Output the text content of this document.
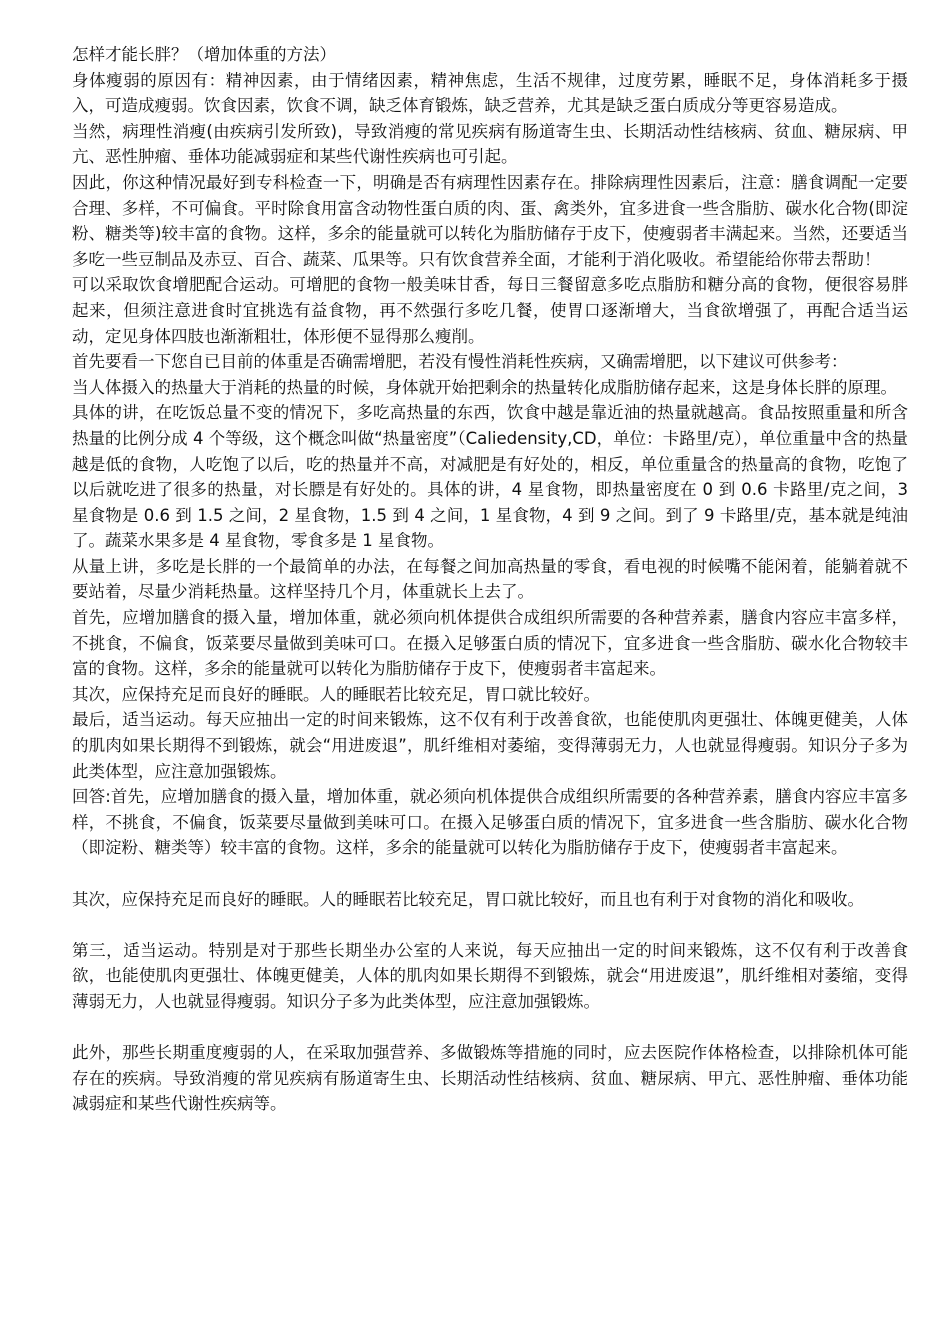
怎样才能长胖？（增加体重的方法）

身体瘦弱的原因有：精神因素，由于情绪因素，精神焦虑，生活不规律，过度劳累，睡眠不足，身体消耗多于摄入，可造成瘦弱。饮食因素，饮食不调，缺乏体育锻炼，缺乏营养，尤其是缺乏蛋白质成分等更容易造成。

当然，病理性消瘦(由疾病引发所致)，导致消瘦的常见疾病有肠道寄生虫、长期活动性结核病、贫血、糖尿病、甲亢、恶性肿瘤、垂体功能减弱症和某些代谢性疾病也可引起。

因此，你这种情况最好到专科检查一下，明确是否有病理性因素存在。排除病理性因素后，注意：膳食调配一定要合理、多样，不可偏食。平时除食用富含动物性蛋白质的肉、蛋、禽类外，宜多进食一些含脂肪、碳水化合物(即淀粉、糖类等)较丰富的食物。这样，多余的能量就可以转化为脂肪储存于皮下，使瘦弱者丰满起来。当然，还要适当多吃一些豆制品及赤豆、百合、蔬菜、瓜果等。只有饮食营养全面，才能利于消化吸收。希望能给你带去帮助！

可以采取饮食增肥配合运动。可增肥的食物一般美味甘香，每日三餐留意多吃点脂肪和糖分高的食物，便很容易胖起来，但须注意进食时宜挑选有益食物，再不然强行多吃几餐，使胃口逐渐增大，当食欲增强了，再配合适当运动，定见身体四肢也渐渐粗壮，体形便不显得那么瘦削。

首先要看一下您自已目前的体重是否确需增肥，若没有慢性消耗性疾病，又确需增肥，以下建议可供参考：

当人体摄入的热量大于消耗的热量的时候，身体就开始把剩余的热量转化成脂肪储存起来，这是身体长胖的原理。

具体的讲，在吃饭总量不变的情况下，多吃高热量的东西，饮食中越是靠近油的热量就越高。食品按照重量和所含热量的比例分成 4 个等级，这个概念叫做“热量密度”（Caliedensity,CD，单位：卡路里/克），单位重量中含的热量越是低的食物，人吃饱了以后，吃的热量并不高，对减肥是有好处的，相反，单位重量含的热量高的食物，吃饱了以后就吃进了很多的热量，对长膘是有好处的。具体的讲，4 星食物，即热量密度在 0 到 0.6 卡路里/克之间，3 星食物是 0.6 到 1.5 之间，2 星食物，1.5 到 4 之间，1 星食物，4 到 9 之间。到了 9 卡路里/克，基本就是纯油了。蔬菜水果多是 4 星食物，零食多是 1 星食物。

从量上讲，多吃是长胖的一个最简单的办法，在每餐之间加高热量的零食，看电视的时候嘴不能闲着，能躺着就不要站着，尽量少消耗热量。这样坚持几个月，体重就长上去了。

首先，应增加膳食的摄入量，增加体重，就必须向机体提供合成组织所需要的各种营养素，膳食内容应丰富多样，不挑食，不偏食，饭菜要尽量做到美味可口。在摄入足够蛋白质的情况下，宜多进食一些含脂肪、碳水化合物较丰富的食物。这样，多余的能量就可以转化为脂肪储存于皮下，使瘦弱者丰富起来。

其次，应保持充足而良好的睡眠。人的睡眠若比较充足，胃口就比较好。

最后，适当运动。每天应抽出一定的时间来锻炼，这不仅有利于改善食欲，也能使肌肉更强壮、体魄更健美，人体的肌肉如果长期得不到锻炼，就会“用进废退”，肌纤维相对萎缩，变得薄弱无力，人也就显得瘦弱。知识分子多为此类体型，应注意加强锻炼。

回答:首先，应增加膳食的摄入量，增加体重，就必须向机体提供合成组织所需要的各种营养素，膳食内容应丰富多样，不挑食，不偏食，饭菜要尽量做到美味可口。在摄入足够蛋白质的情况下，宜多进食一些含脂肪、碳水化合物（即淀粉、糖类等）较丰富的食物。这样，多余的能量就可以转化为脂肪储存于皮下，使瘦弱者丰富起来。

其次，应保持充足而良好的睡眠。人的睡眠若比较充足，胃口就比较好，而且也有利于对食物的消化和吸收。

第三，适当运动。特别是对于那些长期坐办公室的人来说，每天应抽出一定的时间来锻炼，这不仅有利于改善食欲，也能使肌肉更强壮、体魄更健美，人体的肌肉如果长期得不到锻炼，就会“用进废退”，肌纤维相对萎缩，变得薄弱无力，人也就显得瘦弱。知识分子多为此类体型，应注意加强锻炼。

此外，那些长期重度瘦弱的人，在采取加强营养、多做锻炼等措施的同时，应去医院作体格检查，以排除机体可能存在的疾病。导致消瘦的常见疾病有肠道寄生虫、长期活动性结核病、贫血、糖尿病、甲亢、恶性肿瘤、垂体功能减弱症和某些代谢性疾病等。
